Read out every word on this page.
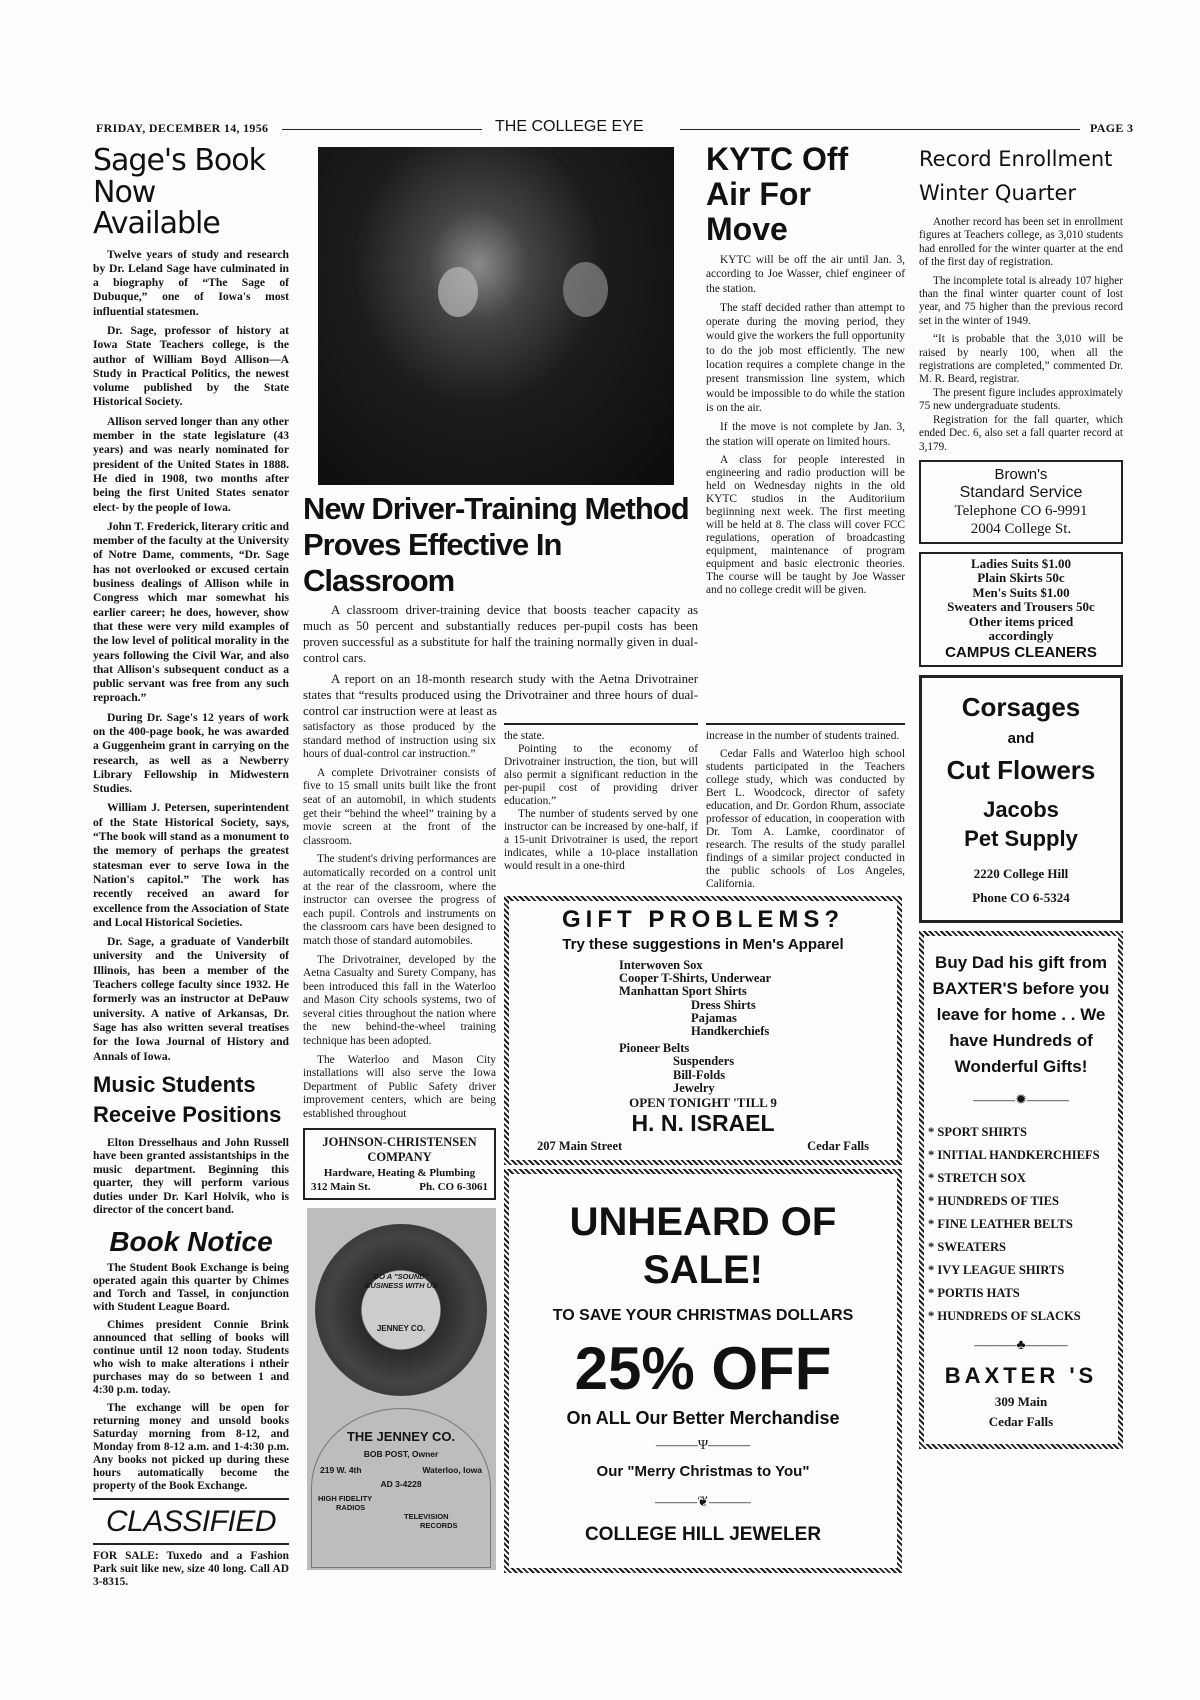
FRIDAY, DECEMBER 14, 1956	THE COLLEGE EYE	PAGE 3
Sage's Book Now Available

Twelve years of study and research by Dr. Leland Sage have culminated in a biography of “The Sage of Dubuque,” one of Iowa's most influential statesmen.

Dr. Sage, professor of history at Iowa State Teachers college, is the author of William Boyd Allison—A Study in Practical Politics, the newest volume published by the State Historical Society.

Allison served longer than any other member in the state legislature (43 years) and was nearly nominated for president of the United States in 1888. He died in 1908, two months after being the first United States senator elect- by the people of Iowa.

John T. Frederick, literary critic and member of the faculty at the University of Notre Dame, comments, “Dr. Sage has not overlooked or excused certain business dealings of Allison while in Congress which mar somewhat his earlier career; he does, however, show that these were very mild examples of the low level of political morality in the years following the Civil War, and also that Allison's subsequent conduct as a public servant was free from any such reproach.”

During Dr. Sage's 12 years of work on the 400-page book, he was awarded a Guggenheim grant in carrying on the research, as well as a Newberry Library Fellowship in Midwestern Studies.

William J. Petersen, superintendent of the State Historical Society, says, “The book will stand as a monument to the memory of perhaps the greatest statesman ever to serve Iowa in the Nation's capitol.” The work has recently received an award for excellence from the Association of State and Local Historical Societies.

Dr. Sage, a graduate of Vanderbilt university and the University of Illinois, has been a member of the Teachers college faculty since 1932. He formerly was an instructor at DePauw university. A native of Arkansas, Dr. Sage has also written several treatises for the Iowa Journal of History and Annals of Iowa.

Music Students Receive Positions

Elton Dresselhaus and John Russell have been granted assistantships in the music department. Beginning this quarter, they will perform various duties under Dr. Karl Holvik, who is director of the concert band.

Book Notice

The Student Book Exchange is being operated again this quarter by Chimes and Torch and Tassel, in conjunction with Student League Board.

Chimes president Connie Brink announced that selling of books will continue until 12 noon today. Students who wish to make alterations i ntheir purchases may do so between 1 and 4:30 p.m. today.

The exchange will be open for returning money and unsold books Saturday morning from 8-12, and Monday from 8-12 a.m. and 1-4:30 p.m. Any books not picked up during these hours automatically become the property of the Book Exchange.

CLASSIFIED
FOR SALE: Tuxedo and a Fashion Park suit like new, size 40 long. Call AD 3-8315.
New Driver-Training Method Proves Effective In Classroom

A classroom driver-training device that boosts teacher capacity as much as 50 percent and substantially reduces per-pupil costs has been proven successful as a substitute for half the training normally given in dual-control cars.

A report on an 18-month research study with the Aetna Drivotrainer states that “results produced using the Drivotrainer and three hours of dual-control car instruction were at least as

KYTC Off Air For Move

KYTC will be off the air until Jan. 3, according to Joe Wasser, chief engineer of the station.

The staff decided rather than attempt to operate during the moving period, they would give the workers the full opportunity to do the job most efficiently. The new location requires a complete change in the present transmission line system, which would be impossible to do while the station is on the air.

If the move is not complete by Jan. 3, the station will operate on limited hours.

A class for people interested in engineering and radio production will be held on Wednesday nights in the old KYTC studios in the Auditoriium begiinning next week. The first meeting will be held at 8. The class will cover FCC regulations, operation of broadcasting equipment, maintenance of program equipment and basic electronic theories. The course will be taught by Joe Wasser and no college credit will be given.

satisfactory as those produced by the standard method of instruction using six hours of dual-control car instruction.”

A complete Drivotrainer consists of five to 15 small units built like the front seat of an automobil, in which students get their “behind the wheel” training by a movie screen at the front of the classroom.

The student's driving performances are automatically recorded on a control unit at the rear of the classroom, where the instructor can oversee the progress of each pupil. Controls and instruments on the classroom cars have been designed to match those of standard automobiles.

The Drivotrainer, developed by the Aetna Casualty and Surety Company, has been introduced this fall in the Waterloo and Mason City schools systems, two of several cities throughout the nation where the new behind-the-wheel training technique has been adopted.

The Waterloo and Mason City installations will also serve the Iowa Department of Public Safety driver improvement centers, which are being established throughout

JOHNSON-CHRISTENSEN
COMPANY
Hardware, Heating & Plumbing
312 Main St.	Ph. CO 6-3061
DO A "SOUND" BUSINESS WITH US
JENNEY CO.
THE JENNEY CO.
BOB POST, Owner
219 W. 4th	Waterloo, Iowa
AD 3-4228
HIGH FIDELITY
RADIOS
TELEVISION
RECORDS

the state.

Pointing to the economy of Drivotrainer instruction, the tion, but will also permit a significant reduction in the per-pupil cost of providing driver education.”

The number of students served by one instructor can be increased by one-half, if a 15-unit Drivotrainer is used, the report indicates, while a 10-place installation would result in a one-third

increase in the number of students trained.

Cedar Falls and Waterloo high school students participated in the Teachers college study, which was conducted by Bert L. Woodcock, director of safety education, and Dr. Gordon Rhum, associate professor of education, in cooperation with Dr. Tom A. Lamke, coordinator of research. The results of the study parallel findings of a similar project conducted in the public schools of Los Angeles, California.

GIFT PROBLEMS?
Try these suggestions in Men's Apparel
Interwoven Sox
Cooper T-Shirts, Underwear
Manhattan Sport Shirts
Dress Shirts
Pajamas
Handkerchiefs
Pioneer Belts
Suspenders
Bill-Folds
Jewelry
OPEN TONIGHT 'TILL 9
H. N. ISRAEL
207 Main Street	Cedar Falls
UNHEARD OF
SALE!
TO SAVE YOUR CHRISTMAS DOLLARS
25% OFF
On ALL Our Better Merchandise
———Ψ———
Our "Merry Christmas to You"
———❦———
COLLEGE HILL JEWELER
Record Enrollment Winter Quarter

Another record has been set in enrollment figures at Teachers college, as 3,010 students had enrolled for the winter quarter at the end of the first day of registration.

The incomplete total is already 107 higher than the final winter quarter count of lost year, and 75 higher than the previous record set in the winter of 1949.

“It is probable that the 3,010 will be raised by nearly 100, when all the registrations are completed,” commented Dr. M. R. Beard, registrar.

The present figure includes approximately 75 new undergraduate students.

Registration for the fall quarter, which ended Dec. 6, also set a fall quarter record at 3,179.

Brown's
Standard Service
Telephone CO 6-9991
2004 College St.
Ladies Suits $1.00
Plain Skirts 50c
Men's Suits $1.00
Sweaters and Trousers 50c
Other items priced
accordingly
CAMPUS CLEANERS
Corsages
and
Cut Flowers
Jacobs
Pet Supply
2220 College Hill
Phone CO 6-5324
Buy Dad his gift from BAXTER'S before you leave for home . . We have Hundreds of Wonderful Gifts!
———✹———
* SPORT SHIRTS
* INITIAL HANDKERCHIEFS
* STRETCH SOX
* HUNDREDS OF TIES
* FINE LEATHER BELTS
* SWEATERS
* IVY LEAGUE SHIRTS
* PORTIS HATS
* HUNDREDS OF SLACKS
———♣———
BAXTER 'S
309 Main
Cedar Falls
